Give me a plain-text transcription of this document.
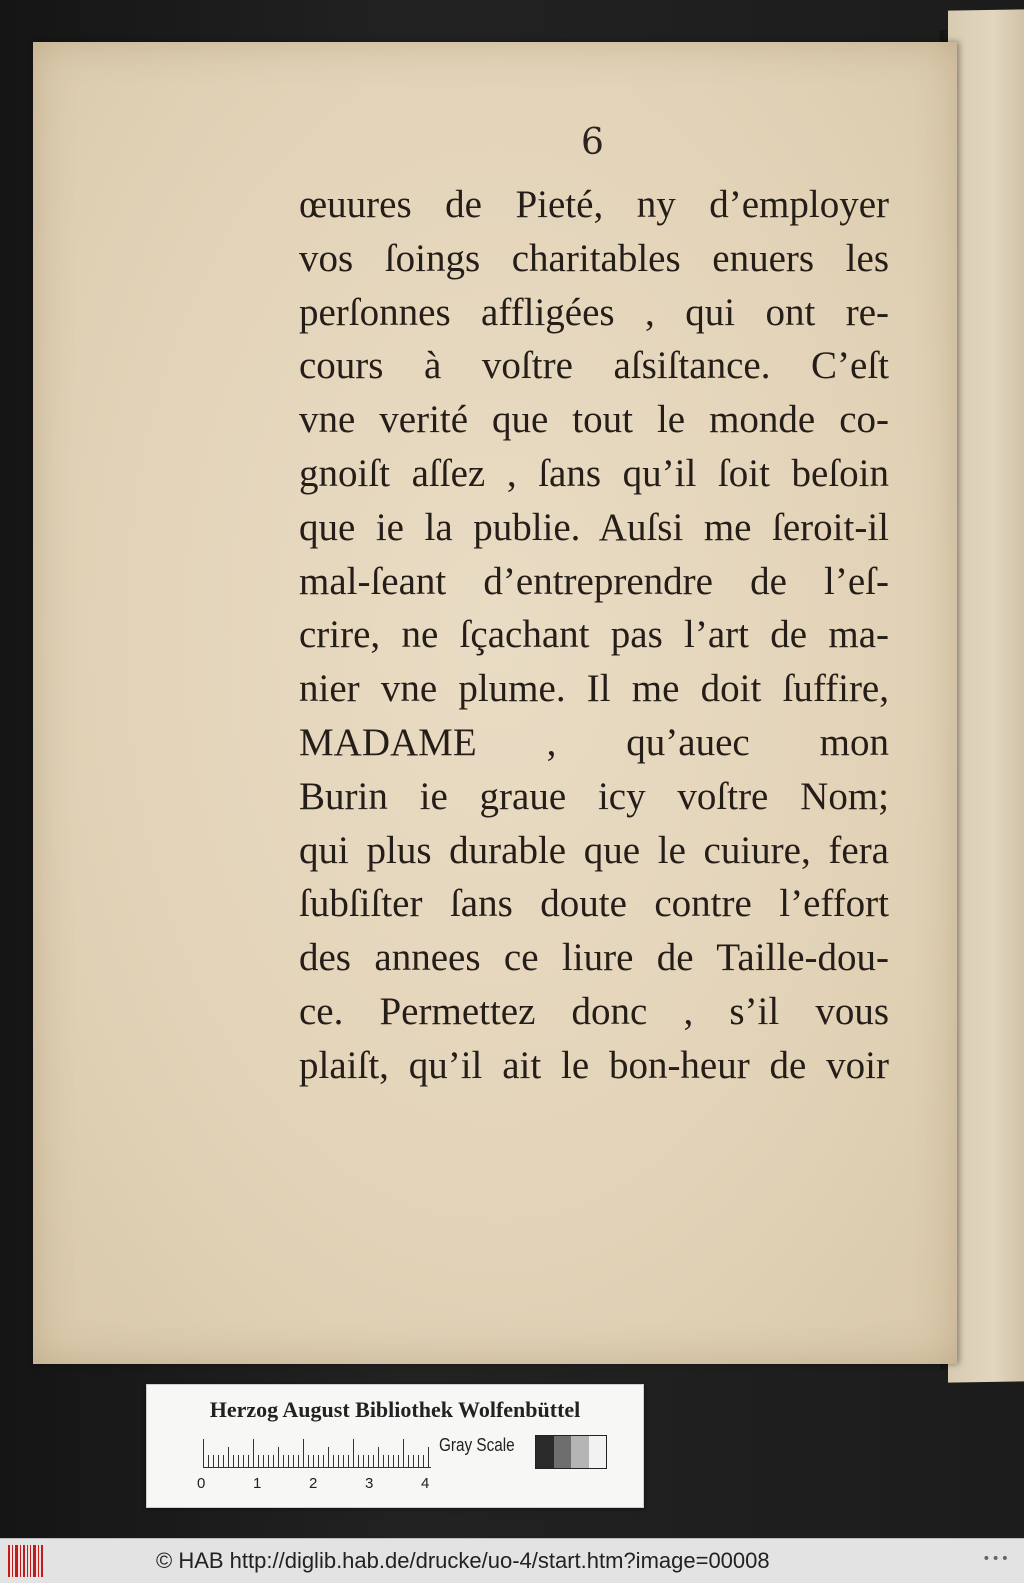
6
œuures de Pieté, ny d’employer
vos ſoings charitables enuers les
perſonnes affligées , qui ont re-
cours à voſtre aſsiſtance. C’eſt
vne verité que tout le monde co-
gnoiſt aſſez , ſans qu’il ſoit beſoin
que ie la publie. Auſsi me ſeroit-il
mal-ſeant d’entreprendre de l’eſ-
crire, ne ſçachant pas l’art de ma-
nier vne plume. Il me doit ſuffire,
MADAME , qu’auec mon
Burin ie graue icy voſtre Nom;
qui plus durable que le cuiure, fera
ſubſiſter ſans doute contre l’effort
des annees ce liure de Taille-dou-
ce. Permettez donc , s’il vous
plaiſt, qu’il ait le bon-heur de voir
Herzog August Bibliothek Wolfenbüttel
0	1	2	3	4
Gray Scale
© HAB http://diglib.hab.de/drucke/uo-4/start.htm?image=00008	•••
